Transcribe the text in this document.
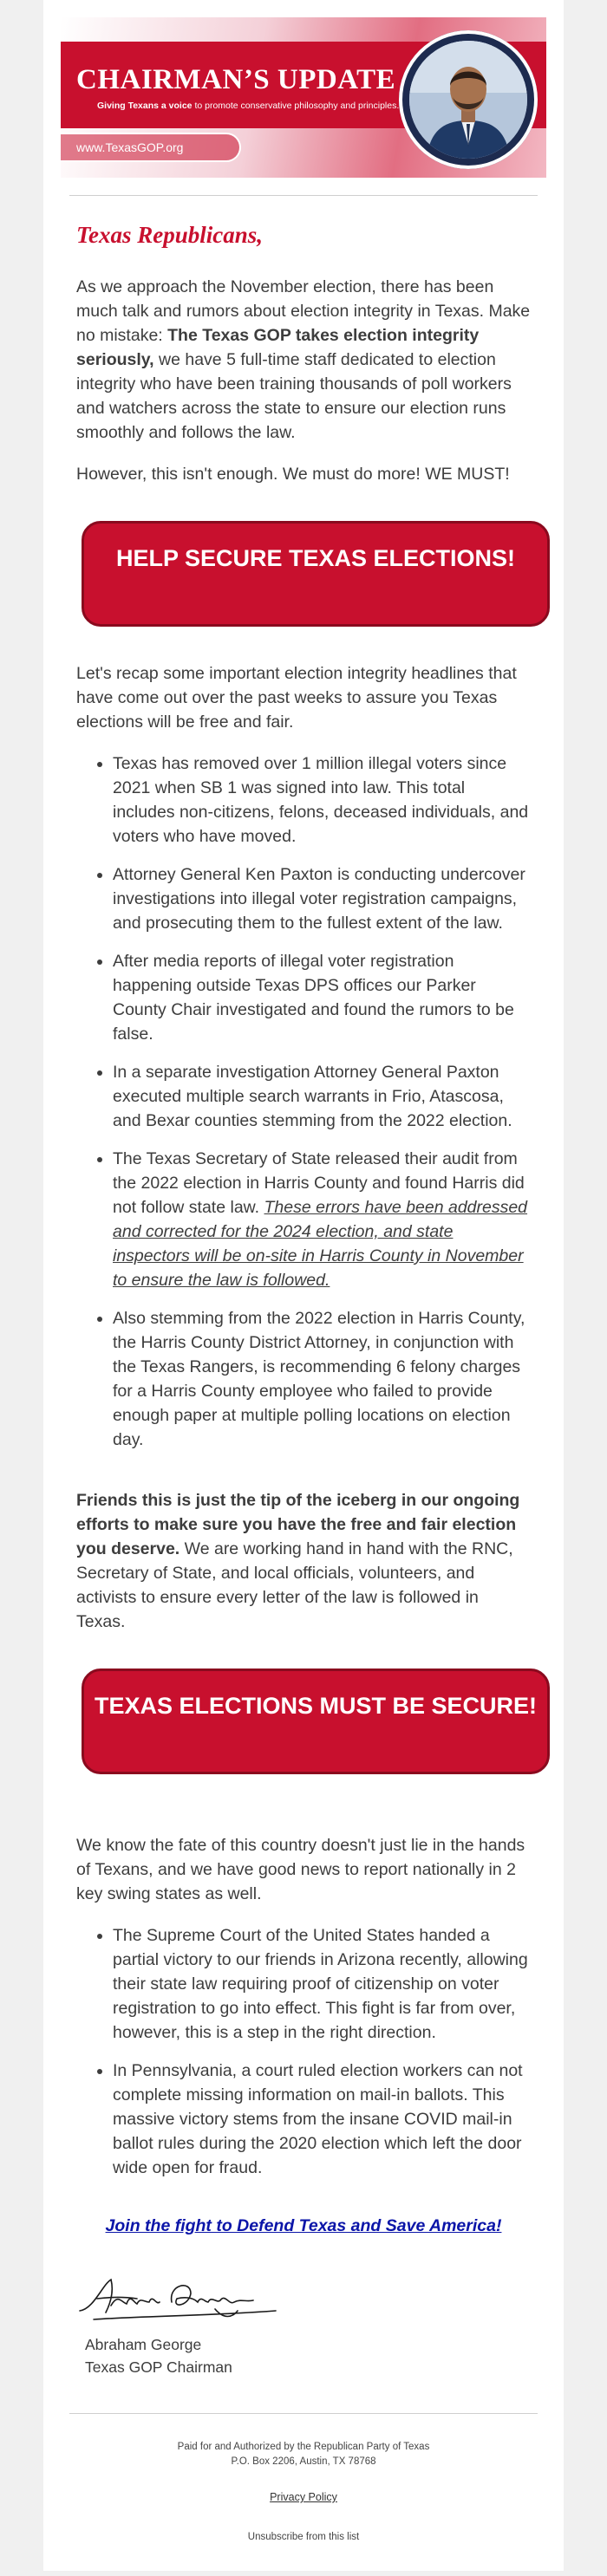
CHAIRMAN’S UPDATE
Giving Texans a voice to promote conservative philosophy and principles.
www.TexasGOP.org
Texas Republicans,

As we approach the November election, there has been much talk and rumors about election integrity in Texas. Make no mistake: The Texas GOP takes election integrity seriously, we have 5 full-time staff dedicated to election integrity who have been training thousands of poll workers and watchers across the state to ensure our election runs smoothly and follows the law.

However, this isn't enough. We must do more! WE MUST!

HELP SECURE TEXAS ELECTIONS!

Let's recap some important election integrity headlines that have come out over the past weeks to assure you Texas elections will be free and fair.

• Texas has removed over 1 million illegal voters since 2021 when SB 1 was signed into law. This total includes non-citizens, felons, deceased individuals, and voters who have moved.
• Attorney General Ken Paxton is conducting undercover investigations into illegal voter registration campaigns, and prosecuting them to the fullest extent of the law.
• After media reports of illegal voter registration happening outside Texas DPS offices our Parker County Chair investigated and found the rumors to be false.
• In a separate investigation Attorney General Paxton executed multiple search warrants in Frio, Atascosa, and Bexar counties stemming from the 2022 election.
• The Texas Secretary of State released their audit from the 2022 election in Harris County and found Harris did not follow state law. These errors have been addressed and corrected for the 2024 election, and state inspectors will be on-site in Harris County in November to ensure the law is followed.
• Also stemming from the 2022 election in Harris County, the Harris County District Attorney, in conjunction with the Texas Rangers, is recommending 6 felony charges for a Harris County employee who failed to provide enough paper at multiple polling locations on election day.

Friends this is just the tip of the iceberg in our ongoing efforts to make sure you have the free and fair election you deserve. We are working hand in hand with the RNC, Secretary of State, and local officials, volunteers, and activists to ensure every letter of the law is followed in Texas.

TEXAS ELECTIONS MUST BE SECURE!

We know the fate of this country doesn't just lie in the hands of Texans, and we have good news to report nationally in 2 key swing states as well.

• The Supreme Court of the United States handed a partial victory to our friends in Arizona recently, allowing their state law requiring proof of citizenship on voter registration to go into effect. This fight is far from over, however, this is a step in the right direction.
• In Pennsylvania, a court ruled election workers can not complete missing information on mail-in ballots. This massive victory stems from the insane COVID mail-in ballot rules during the 2020 election which left the door wide open for fraud.
Join the fight to Defend Texas and Save America!
Abraham George
Texas GOP Chairman
Paid for and Authorized by the Republican Party of Texas
P.O. Box 2206, Austin, TX 78768
Privacy Policy
Unsubscribe from this list
